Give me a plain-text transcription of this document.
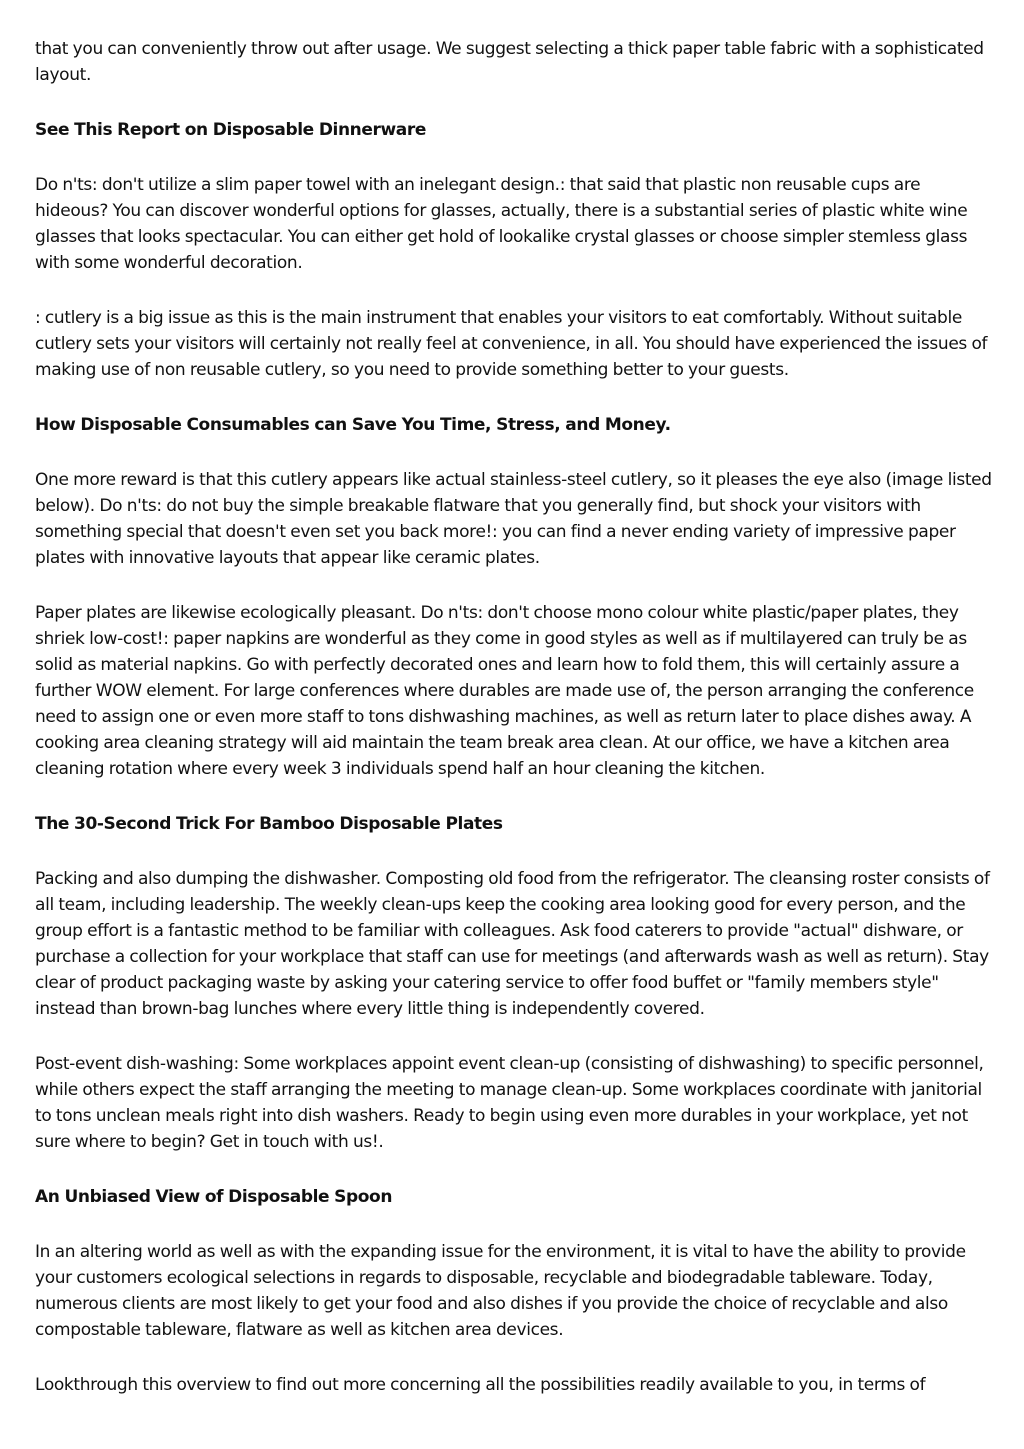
that you can conveniently throw out after usage. We suggest selecting a thick paper table fabric with a sophisticated layout.

See This Report on Disposable Dinnerware

Do n'ts: don't utilize a slim paper towel with an inelegant design.: that said that plastic non reusable cups are hideous? You can discover wonderful options for glasses, actually, there is a substantial series of plastic white wine glasses that looks spectacular. You can either get hold of lookalike crystal glasses or choose simpler stemless glass with some wonderful decoration.

: cutlery is a big issue as this is the main instrument that enables your visitors to eat comfortably. Without suitable cutlery sets your visitors will certainly not really feel at convenience, in all. You should have experienced the issues of making use of non reusable cutlery, so you need to provide something better to your guests.

How Disposable Consumables can Save You Time, Stress, and Money.

One more reward is that this cutlery appears like actual stainless-steel cutlery, so it pleases the eye also (image listed below). Do n'ts: do not buy the simple breakable flatware that you generally find, but shock your visitors with something special that doesn't even set you back more!: you can find a never ending variety of impressive paper plates with innovative layouts that appear like ceramic plates.

Paper plates are likewise ecologically pleasant. Do n'ts: don't choose mono colour white plastic/paper plates, they shriek low-cost!: paper napkins are wonderful as they come in good styles as well as if multilayered can truly be as solid as material napkins. Go with perfectly decorated ones and learn how to fold them, this will certainly assure a further WOW element. For large conferences where durables are made use of, the person arranging the conference need to assign one or even more staff to tons dishwashing machines, as well as return later to place dishes away. A cooking area cleaning strategy will aid maintain the team break area clean. At our office, we have a kitchen area cleaning rotation where every week 3 individuals spend half an hour cleaning the kitchen.

The 30-Second Trick For Bamboo Disposable Plates

Packing and also dumping the dishwasher. Composting old food from the refrigerator. The cleansing roster consists of all team, including leadership. The weekly clean-ups keep the cooking area looking good for every person, and the group effort is a fantastic method to be familiar with colleagues. Ask food caterers to provide "actual" dishware, or purchase a collection for your workplace that staff can use for meetings (and afterwards wash as well as return). Stay clear of product packaging waste by asking your catering service to offer food buffet or "family members style" instead than brown-bag lunches where every little thing is independently covered.

Post-event dish-washing: Some workplaces appoint event clean-up (consisting of dishwashing) to specific personnel, while others expect the staff arranging the meeting to manage clean-up. Some workplaces coordinate with janitorial to tons unclean meals right into dish washers. Ready to begin using even more durables in your workplace, yet not sure where to begin? Get in touch with us!.

An Unbiased View of Disposable Spoon

In an altering world as well as with the expanding issue for the environment, it is vital to have the ability to provide your customers ecological selections in regards to disposable, recyclable and biodegradable tableware. Today, numerous clients are most likely to get your food and also dishes if you provide the choice of recyclable and also compostable tableware, flatware as well as kitchen area devices.

Lookthrough this overview to find out more concerning all the possibilities readily available to you, in terms of
